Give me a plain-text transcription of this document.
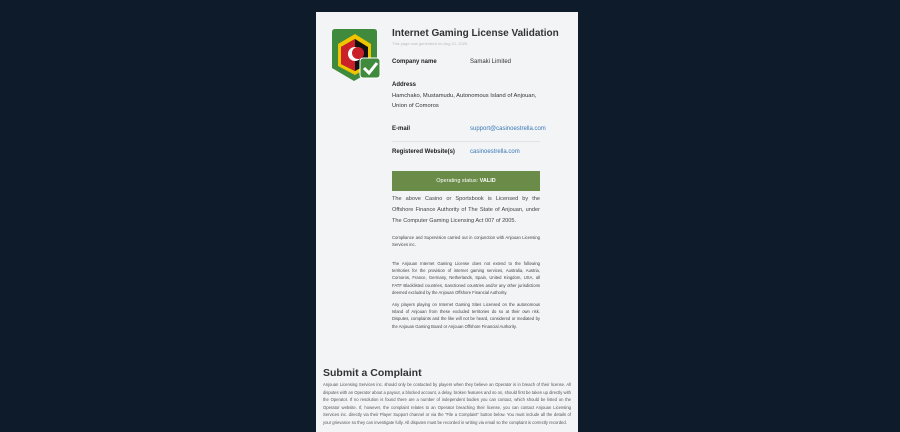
Internet Gaming License Validation
This page was generated on Aug 21, 2025
Company name	Samaki Limited
Address
Hamchako, Mustamudu, Autonomous Island of Anjouan, Union of Comoros
E-mail	support@casinoestrella.com
Registered Website(s)	casinoestrella.com
Operating status: VALID
The above Casino or Sportsbook is Licensed by the Offshore Finance Authority of The State of Anjouan, under The Computer Gaming Licensing Act 007 of 2005.
Compliance and Supervision carried out in conjunction with Anjouan Licensing Services inc.
The Anjouan Internet Gaming License does not extend to the following territories for the provision of internet gaming services, Australia, Austria, Comoros, France, Germany, Netherlands, Spain, United Kingdom, USA, all FATF Blacklisted countries, Sanctioned countries and/or any other jurisdictions deemed excluded by the Anjouan Offshore Financial Authority.
Any players playing on Internet Gaming Sites Licensed on the autonomous Island of Anjouan from these excluded territories do so at their own risk. Disputes, complaints and the like will not be heard, considered or mediated by the Anjouan Gaming Board or Anjouan Offshore Financial Authority.
Submit a Complaint
Anjouan Licensing Services inc. should only be contacted by players when they believe an Operator is in breach of their license. All disputes with an Operator about a payout, a blocked account, a delay, broken features and so on, should first be taken up directly with the Operator. If no resolution is found there are a number of independent bodies you can contact, which should be listed on the Operator website. If, however, the complaint relates to an Operator breaching their license, you can contact Anjouan Licensing Services inc. directly via their Player Support channel or via the "File a Complaint" button below. You must include all the details of your grievance so they can investigate fully. All disputes must be recorded in writing via email so the complaint is correctly recorded.
